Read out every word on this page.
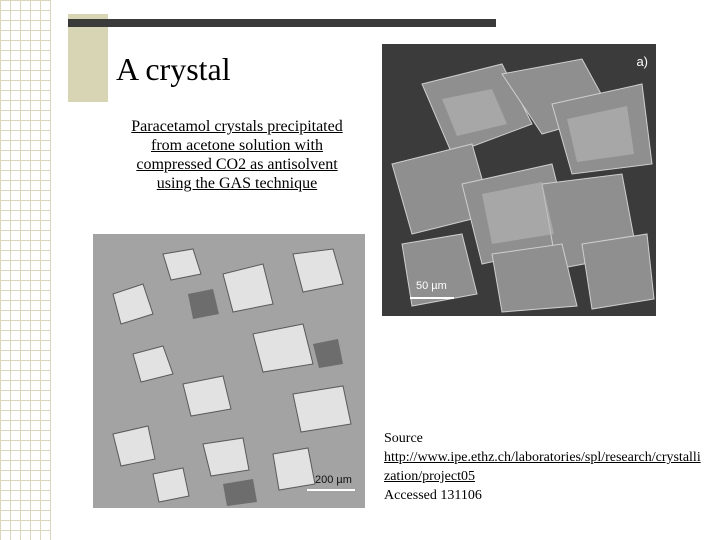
A crystal

Paracetamol crystals precipitated from acetone solution with compressed CO2 as antisolvent using the GAS technique

a)
50 µm
200 µm
Source
http://www.ipe.ethz.ch/laboratories/spl/research/crystallization/project05
Accessed 131106
